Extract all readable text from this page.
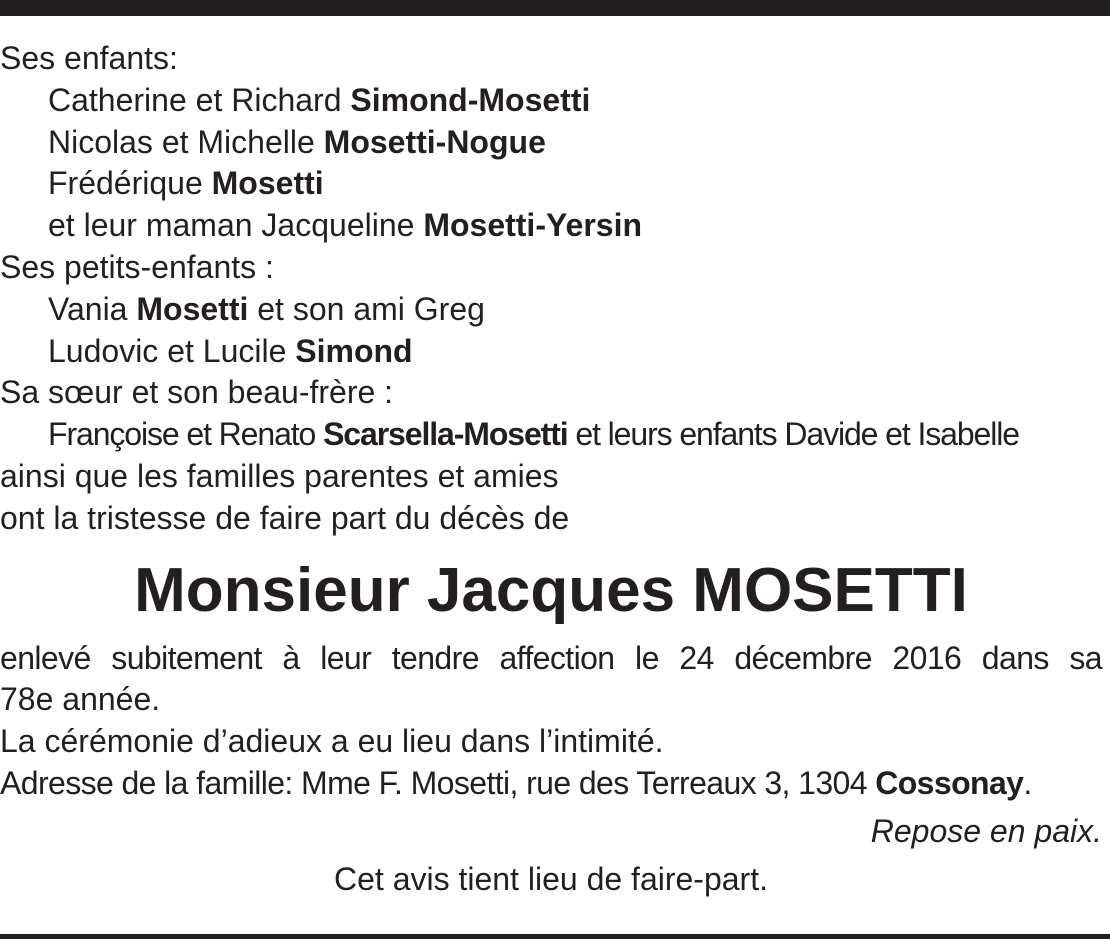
Ses enfants:
Catherine et Richard Simond-Mosetti
Nicolas et Michelle Mosetti-Nogue
Frédérique Mosetti
et leur maman Jacqueline Mosetti-Yersin
Ses petits-enfants :
Vania Mosetti et son ami Greg
Ludovic et Lucile Simond
Sa sœur et son beau-frère :
Françoise et Renato Scarsella-Mosetti et leurs enfants Davide et Isabelle
ainsi que les familles parentes et amies
ont la tristesse de faire part du décès de
Monsieur Jacques MOSETTI
enlevé subitement à leur tendre affection le 24 décembre 2016 dans sa
78e année.
La cérémonie d’adieux a eu lieu dans l’intimité.
Adresse de la famille: Mme F. Mosetti, rue des Terreaux 3, 1304 Cossonay.
Repose en paix.
Cet avis tient lieu de faire-part.
